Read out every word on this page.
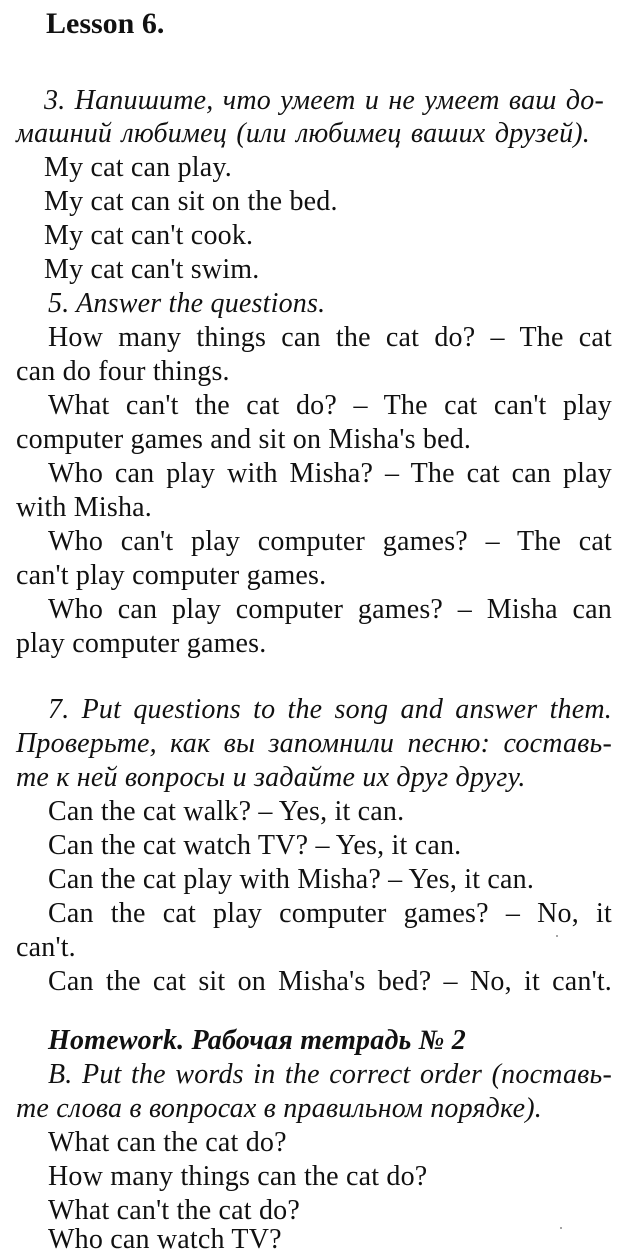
Lesson 6.
3. Напишите, что умеет и не умеет ваш до-
машний любимец (или любимец ваших друзей).
My cat can play.
My cat can sit on the bed.
My cat can't cook.
My cat can't swim.
5. Answer the questions.
How many things can the cat do? – The cat
can do four things.
What can't the cat do? – The cat can't play
computer games and sit on Misha's bed.
Who can play with Misha? – The cat can play
with Misha.
Who can't play computer games? – The cat
can't play computer games.
Who can play computer games? – Misha can
play computer games.
7. Put questions to the song and answer them.
Проверьте, как вы запомнили песню: составь-
те к ней вопросы и задайте их друг другу.
Can the cat walk? – Yes, it can.
Can the cat watch TV? – Yes, it can.
Can the cat play with Misha? – Yes, it can.
Can the cat play computer games? – No, it
can't.
Can the cat sit on Misha's bed? – No, it can't.
Homework. Рабочая тетрадь № 2
B. Put the words in the correct order (поставь-
те слова в вопросах в правильном порядке).
What can the cat do?
How many things can the cat do?
What can't the cat do?
Who can watch TV?
